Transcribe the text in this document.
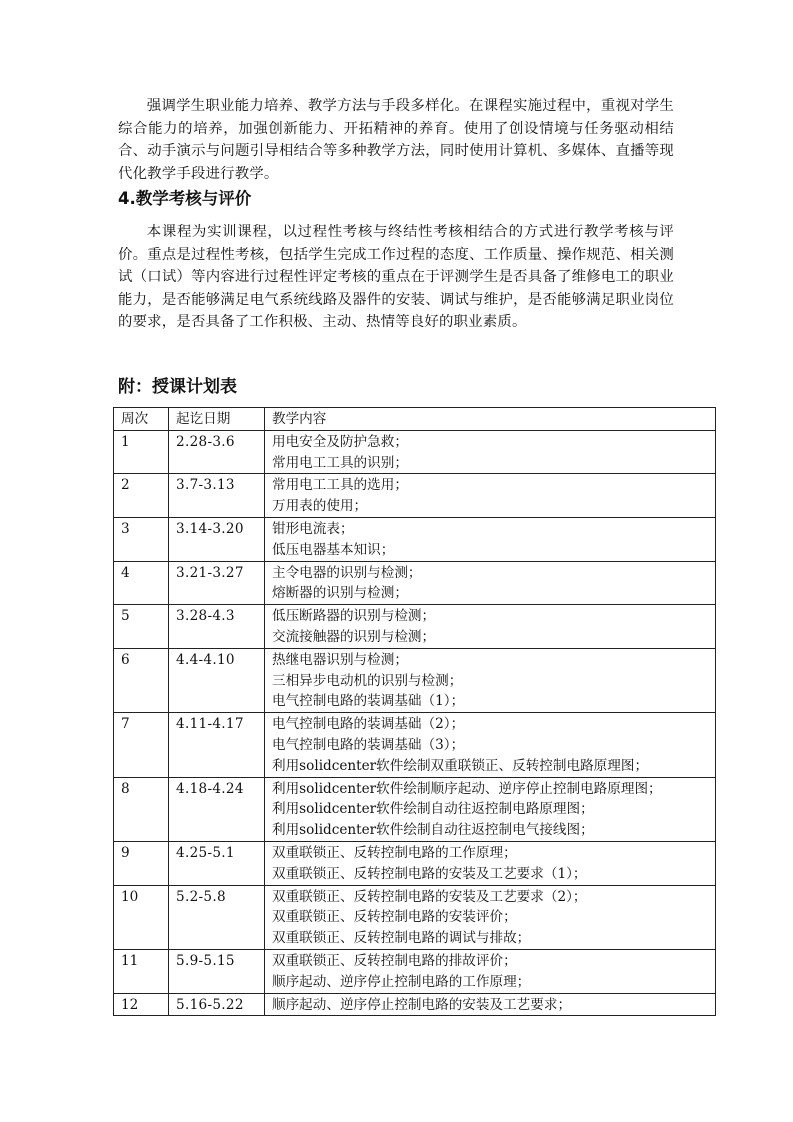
强调学生职业能力培养、教学方法与手段多样化。在课程实施过程中，重视对学生综合能力的培养，加强创新能力、开拓精神的养育。使用了创设情境与任务驱动相结合、动手演示与问题引导相结合等多种教学方法，同时使用计算机、多媒体、直播等现代化教学手段进行教学。

4.教学考核与评价

本课程为实训课程，以过程性考核与终结性考核相结合的方式进行教学考核与评价。重点是过程性考核，包括学生完成工作过程的态度、工作质量、操作规范、相关测试（口试）等内容进行过程性评定考核的重点在于评测学生是否具备了维修电工的职业能力，是否能够满足电气系统线路及器件的安装、调试与维护，是否能够满足职业岗位的要求，是否具备了工作积极、主动、热情等良好的职业素质。

附：授课计划表
周次	起讫日期	教学内容
1	2.28-3.6	用电安全及防护急救；
常用电工工具的识别；

2	3.7-3.13	常用电工工具的选用；
万用表的使用；

3	3.14-3.20	钳形电流表；
低压电器基本知识；

4	3.21-3.27	主令电器的识别与检测；
熔断器的识别与检测；

5	3.28-4.3	低压断路器的识别与检测；
交流接触器的识别与检测；

6	4.4-4.10	热继电器识别与检测；
三相异步电动机的识别与检测；
电气控制电路的装调基础（1）；

7	4.11-4.17	电气控制电路的装调基础（2）；
电气控制电路的装调基础（3）；
利用solidcenter软件绘制双重联锁正、反转控制电路原理图；

8	4.18-4.24	利用solidcenter软件绘制顺序起动、逆序停止控制电路原理图；
利用solidcenter软件绘制自动往返控制电路原理图；
利用solidcenter软件绘制自动往返控制电气接线图；

9	4.25-5.1	双重联锁正、反转控制电路的工作原理；
双重联锁正、反转控制电路的安装及工艺要求（1）；

10	5.2-5.8	双重联锁正、反转控制电路的安装及工艺要求（2）；
双重联锁正、反转控制电路的安装评价；
双重联锁正、反转控制电路的调试与排故；

11	5.9-5.15	双重联锁正、反转控制电路的排故评价；
顺序起动、逆序停止控制电路的工作原理；

12	5.16-5.22	顺序起动、逆序停止控制电路的安装及工艺要求；
